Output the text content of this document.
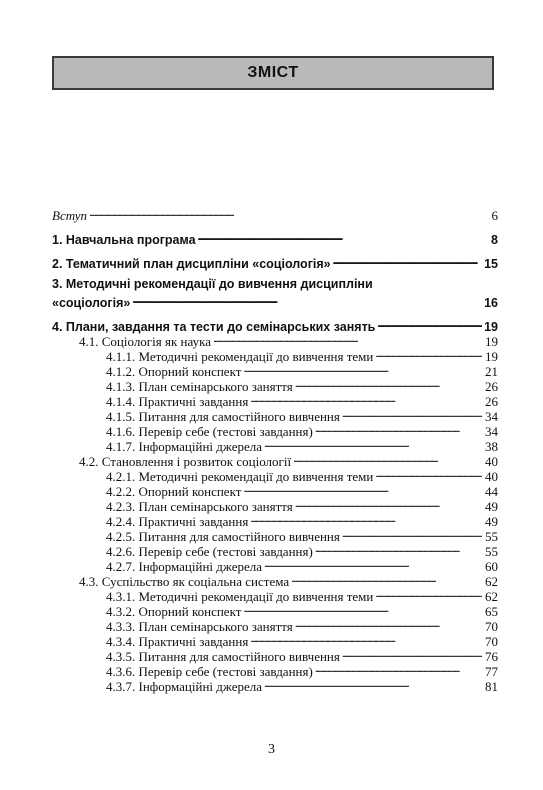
ЗМІСТ
Вступ . . .	6
1. Навчальна програма . . .	8
2. Тематичний план дисципліни «соціологія» . . .	15
3. Методичні рекомендації до вивчення дисципліни
«соціологія» . . .	16
4. Плани, завдання та тести до семінарських занять . . .	19
4.1. Соціологія як наука . . .	19
4.1.1. Методичні рекомендації до вивчення теми . . .	19
4.1.2. Опорний конспект . . .	21
4.1.3. План семінарського заняття . . .	26
4.1.4. Практичні завдання . . .	26
4.1.5. Питання для самостійного вивчення . . .	34
4.1.6. Перевір себе (тестові завдання) . . .	34
4.1.7. Інформаційні джерела . . .	38
4.2. Становлення і розвиток соціології . . .	40
4.2.1. Методичні рекомендації до вивчення теми . . .	40
4.2.2. Опорний конспект . . .	44
4.2.3. План семінарського заняття . . .	49
4.2.4. Практичні завдання . . .	49
4.2.5. Питання для самостійного вивчення . . .	55
4.2.6. Перевір себе (тестові завдання) . . .	55
4.2.7. Інформаційні джерела . . .	60
4.3. Суспільство як соціальна система . . .	62
4.3.1. Методичні рекомендації до вивчення теми . . .	62
4.3.2. Опорний конспект . . .	65
4.3.3. План семінарського заняття . . .	70
4.3.4. Практичні завдання . . .	70
4.3.5. Питання для самостійного вивчення . . .	76
4.3.6. Перевір себе (тестові завдання) . . .	77
4.3.7. Інформаційні джерела . . .	81
3
